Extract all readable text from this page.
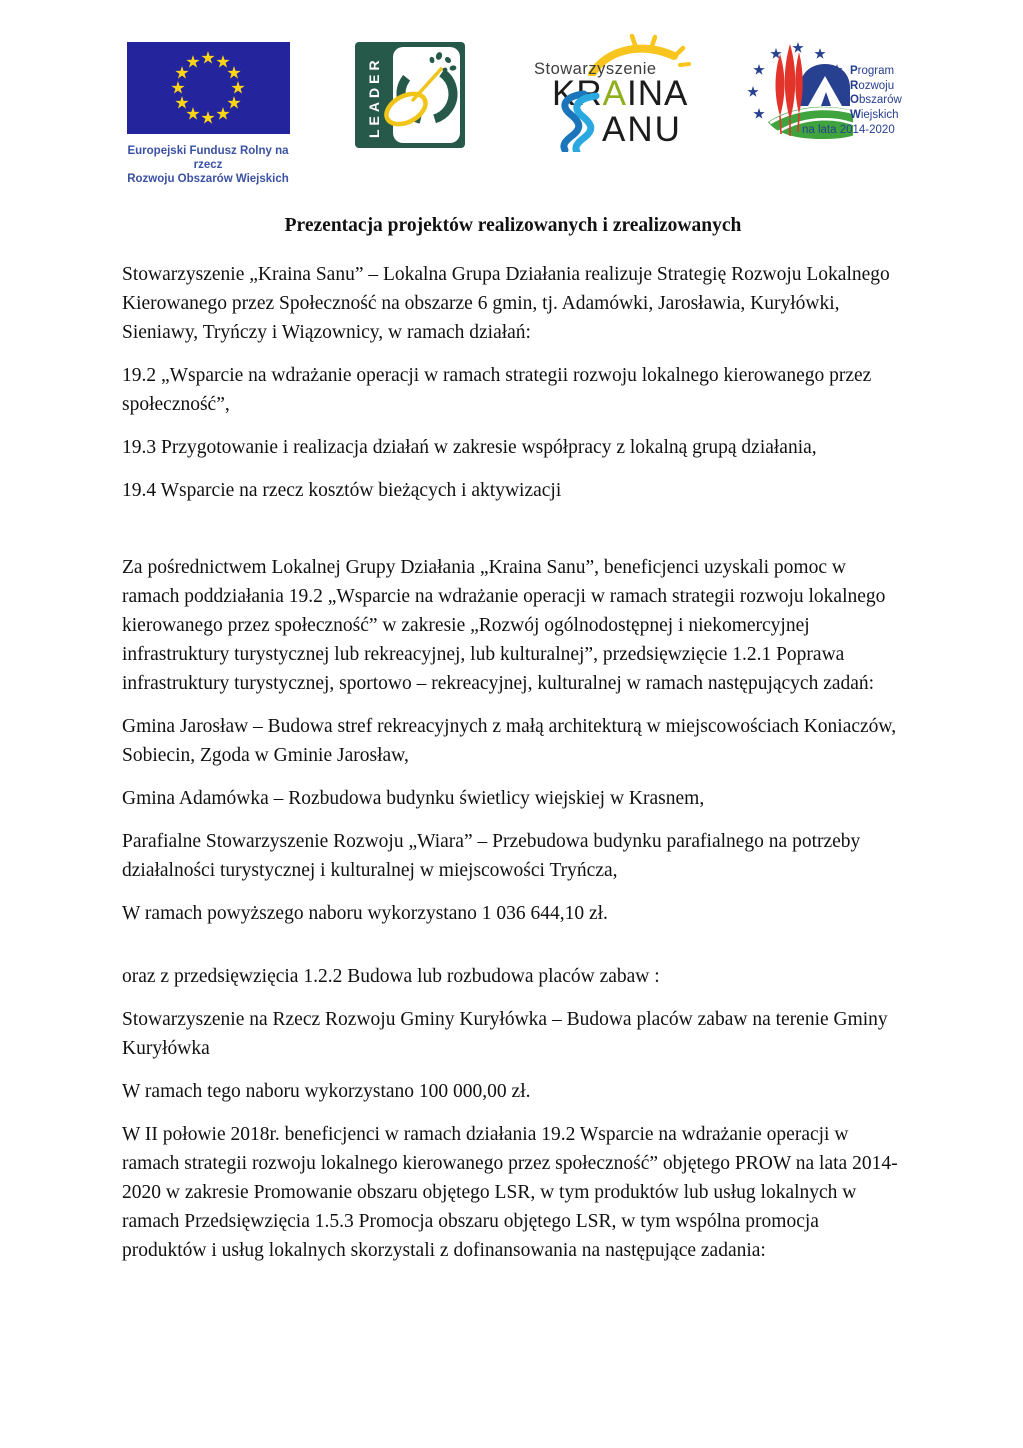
Europejski Fundusz Rolny na rzecz
Rozwoju Obszarów Wiejskich
LEADER	Stowarzyszenie
KRAINA
ANU
Program
Rozwoju
Obszarów
Wiejskich
na lata 2014-2020
Prezentacja projektów realizowanych i zrealizowanych

Stowarzyszenie „Kraina Sanu” – Lokalna Grupa Działania realizuje Strategię Rozwoju Lokalnego Kierowanego przez Społeczność na obszarze 6 gmin, tj. Adamówki, Jarosławia, Kuryłówki, Sieniawy, Tryńczy i Wiązownicy, w ramach działań:

19.2 „Wsparcie na wdrażanie operacji w ramach strategii rozwoju lokalnego kierowanego przez społeczność”,

19.3 Przygotowanie i realizacja działań w zakresie współpracy z lokalną grupą działania,

19.4 Wsparcie na rzecz kosztów bieżących i aktywizacji

Za pośrednictwem Lokalnej Grupy Działania „Kraina Sanu”, beneficjenci uzyskali pomoc w ramach poddziałania 19.2 „Wsparcie na wdrażanie operacji w ramach strategii rozwoju lokalnego kierowanego przez społeczność” w zakresie „Rozwój ogólnodostępnej i niekomercyjnej infrastruktury turystycznej lub rekreacyjnej, lub kulturalnej”, przedsięwzięcie 1.2.1 Poprawa infrastruktury turystycznej, sportowo – rekreacyjnej, kulturalnej w ramach następujących zadań:

Gmina Jarosław – Budowa stref rekreacyjnych z małą architekturą w miejscowościach Koniaczów, Sobiecin, Zgoda w Gminie Jarosław,

Gmina Adamówka – Rozbudowa budynku świetlicy wiejskiej w Krasnem,

Parafialne Stowarzyszenie Rozwoju „Wiara” – Przebudowa budynku parafialnego na potrzeby działalności turystycznej i kulturalnej w miejscowości Tryńcza,

W ramach powyższego naboru wykorzystano 1 036 644,10 zł.

oraz z przedsięwzięcia 1.2.2 Budowa lub rozbudowa placów zabaw :

Stowarzyszenie na Rzecz Rozwoju Gminy Kuryłówka – Budowa placów zabaw na terenie Gminy Kuryłówka

W ramach tego naboru wykorzystano 100 000,00 zł.

W II połowie 2018r. beneficjenci w ramach działania 19.2 Wsparcie na wdrażanie operacji w ramach strategii rozwoju lokalnego kierowanego przez społeczność” objętego PROW na lata 2014-2020 w zakresie Promowanie obszaru objętego LSR, w tym produktów lub usług lokalnych w ramach Przedsięwzięcia 1.5.3 Promocja obszaru objętego LSR, w tym wspólna promocja produktów i usług lokalnych skorzystali z dofinansowania na następujące zadania:
